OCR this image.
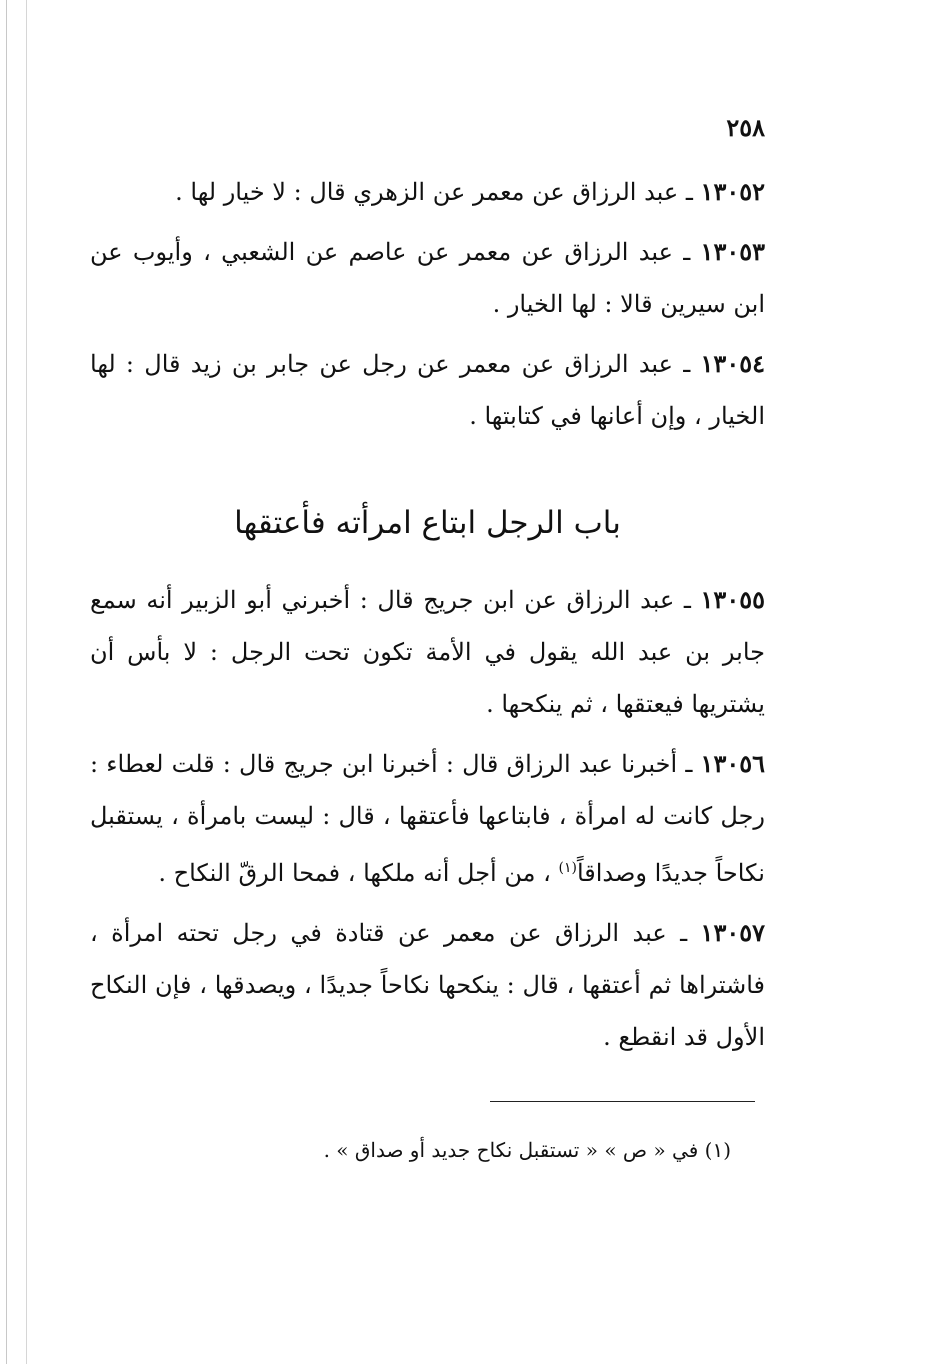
٢٥٨

١٣٠٥٢ ـ عبد الرزاق عن معمر عن الزهري قال : لا خيار لها .

١٣٠٥٣ ـ عبد الرزاق عن معمر عن عاصم عن الشعبي ، وأيوب عن ابن سيرين قالا : لها الخيار .

١٣٠٥٤ ـ عبد الرزاق عن معمر عن رجل عن جابر بن زيد قال : لها الخيار ، وإن أعانها في كتابتها .

باب الرجل ابتاع امرأته فأعتقها

١٣٠٥٥ ـ عبد الرزاق عن ابن جريج قال : أخبرني أبو الزبير أنه سمع جابر بن عبد الله يقول في الأمة تكون تحت الرجل : لا بأس أن يشتريها فيعتقها ، ثم ينكحها .

١٣٠٥٦ ـ أخبرنا عبد الرزاق قال : أخبرنا ابن جريج قال : قلت لعطاء : رجل كانت له امرأة ، فابتاعها فأعتقها ، قال : ليست بامرأة ، يستقبل نكاحاً جديدًا وصداقاً$^{(١)}$ ، من أجل أنه ملكها ، فمحا الرقّ النكاح .

١٣٠٥٧ ـ عبد الرزاق عن معمر عن قتادة في رجل تحته امرأة ، فاشتراها ثم أعتقها ، قال : ينكحها نكاحاً جديدًا ، ويصدقها ، فإن النكاح الأول قد انقطع .

(١) في « ص » « تستقبل نكاح جديد أو صداق » .
